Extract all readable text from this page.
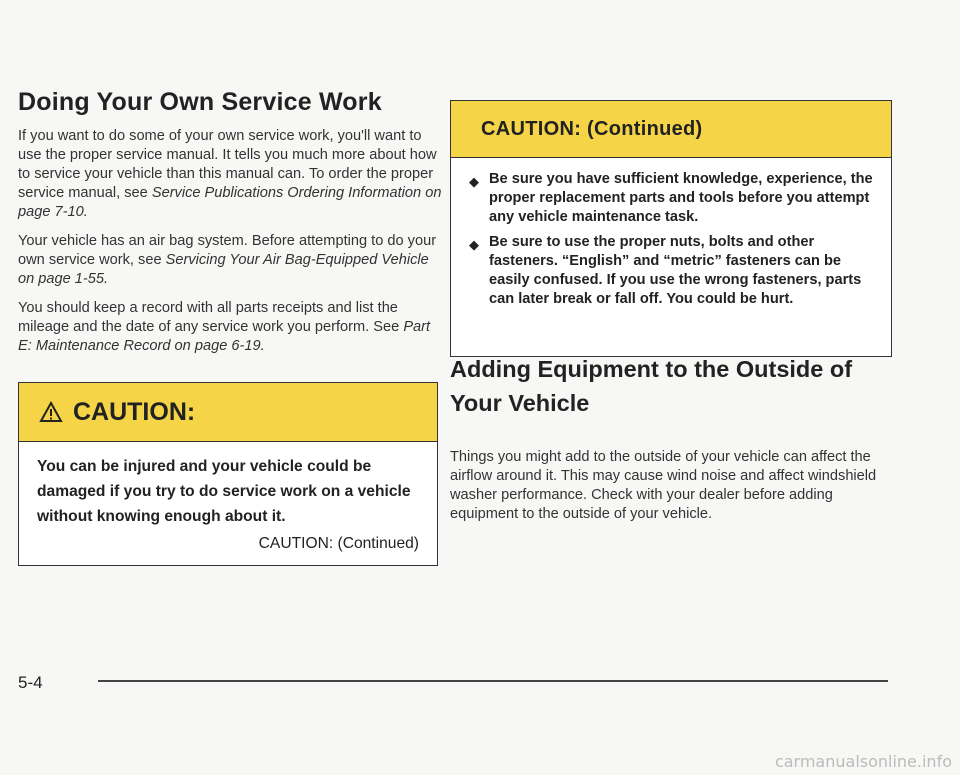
Doing Your Own Service Work

If you want to do some of your own service work, you'll want to use the proper service manual. It tells you much more about how to service your vehicle than this manual can. To order the proper service manual, see Service Publications Ordering Information on page 7-10.

Your vehicle has an air bag system. Before attempting to do your own service work, see Servicing Your Air Bag-Equipped Vehicle on page 1-55.

You should keep a record with all parts receipts and list the mileage and the date of any service work you perform. See Part E: Maintenance Record on page 6-19.

CAUTION:

You can be injured and your vehicle could be damaged if you try to do service work on a vehicle without knowing enough about it.

CAUTION: (Continued)
CAUTION: (Continued)
◆ Be sure you have sufficient knowledge, experience, the proper replacement parts and tools before you attempt any vehicle maintenance task.
◆ Be sure to use the proper nuts, bolts and other fasteners. “English” and “metric” fasteners can be easily confused. If you use the wrong fasteners, parts can later break or fall off. You could be hurt.
Adding Equipment to the Outside of Your Vehicle

Things you might add to the outside of your vehicle can affect the airflow around it. This may cause wind noise and affect windshield washer performance. Check with your dealer before adding equipment to the outside of your vehicle.

5-4
carmanualsonline.info
